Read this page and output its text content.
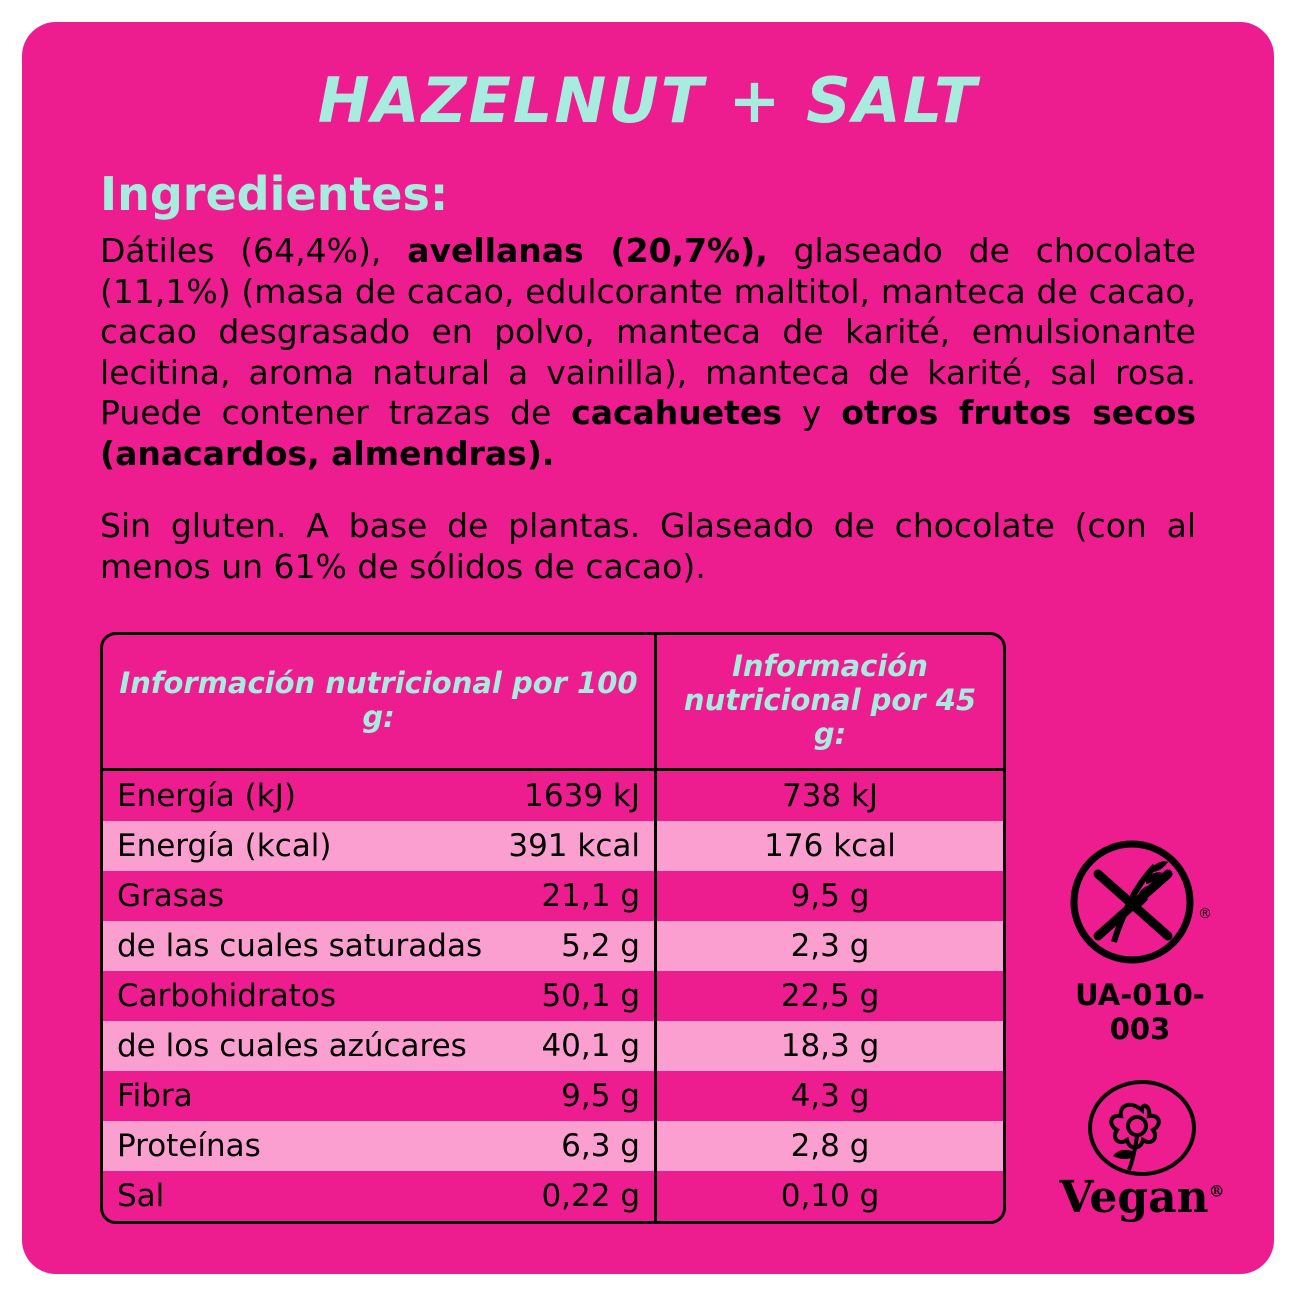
HAZELNUT + SALT
Ingredientes:
Dátiles (64,4%), avellanas (20,7%), glaseado de chocolate (11,1%) (masa de cacao, edulcorante maltitol, manteca de cacao, cacao desgrasado en polvo, manteca de karité, emulsionante lecitina, aroma natural a vainilla), manteca de karité, sal rosa. Puede contener trazas de cacahuetes y otros frutos secos (anacardos, almendras).
Sin gluten. A base de plantas. Glaseado de chocolate (con al menos un 61% de sólidos de cacao).
Información nutricional por 100 g:	Información nutricional por 45 g:

Energía (kJ) 1639 kJ	738 kJ

Energía (kcal) 391 kcal	176 kcal

Grasas 21,1 g	9,5 g

de las cuales saturadas 5,2 g	2,3 g

Carbohidratos 50,1 g	22,5 g

de los cuales azúcares 40,1 g	18,3 g

Fibra 9,5 g	4,3 g

Proteínas 6,3 g	2,8 g

Sal 0,22 g	0,10 g
®
UA-010-003
Vegan®
